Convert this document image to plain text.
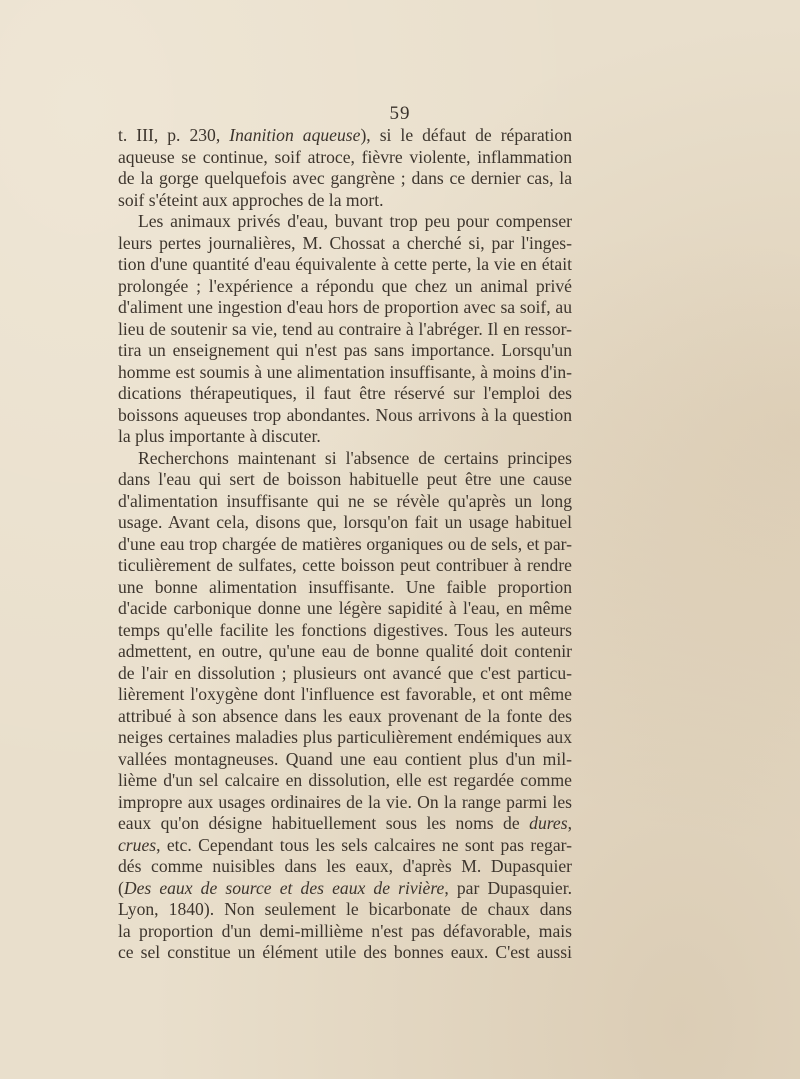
59
t. III, p. 230, Inanition aqueuse), si le défaut de réparation
aqueuse se continue, soif atroce, fièvre violente, inflammation
de la gorge quelquefois avec gangrène ; dans ce dernier cas, la
soif s'éteint aux approches de la mort.
Les animaux privés d'eau, buvant trop peu pour compenser
leurs pertes journalières, M. Chossat a cherché si, par l'inges-
tion d'une quantité d'eau équivalente à cette perte, la vie en était
prolongée ; l'expérience a répondu que chez un animal privé
d'aliment une ingestion d'eau hors de proportion avec sa soif, au
lieu de soutenir sa vie, tend au contraire à l'abréger. Il en ressor-
tira un enseignement qui n'est pas sans importance. Lorsqu'un
homme est soumis à une alimentation insuffisante, à moins d'in-
dications thérapeutiques, il faut être réservé sur l'emploi des
boissons aqueuses trop abondantes. Nous arrivons à la question
la plus importante à discuter.
Recherchons maintenant si l'absence de certains principes
dans l'eau qui sert de boisson habituelle peut être une cause
d'alimentation insuffisante qui ne se révèle qu'après un long
usage. Avant cela, disons que, lorsqu'on fait un usage habituel
d'une eau trop chargée de matières organiques ou de sels, et par-
ticulièrement de sulfates, cette boisson peut contribuer à rendre
une bonne alimentation insuffisante. Une faible proportion
d'acide carbonique donne une légère sapidité à l'eau, en même
temps qu'elle facilite les fonctions digestives. Tous les auteurs
admettent, en outre, qu'une eau de bonne qualité doit contenir
de l'air en dissolution ; plusieurs ont avancé que c'est particu-
lièrement l'oxygène dont l'influence est favorable, et ont même
attribué à son absence dans les eaux provenant de la fonte des
neiges certaines maladies plus particulièrement endémiques aux
vallées montagneuses. Quand une eau contient plus d'un mil-
lième d'un sel calcaire en dissolution, elle est regardée comme
impropre aux usages ordinaires de la vie. On la range parmi les
eaux qu'on désigne habituellement sous les noms de dures,
crues, etc. Cependant tous les sels calcaires ne sont pas regar-
dés comme nuisibles dans les eaux, d'après M. Dupasquier
(Des eaux de source et des eaux de rivière, par Dupasquier.
Lyon, 1840). Non seulement le bicarbonate de chaux dans
la proportion d'un demi-millième n'est pas défavorable, mais
ce sel constitue un élément utile des bonnes eaux. C'est aussi
